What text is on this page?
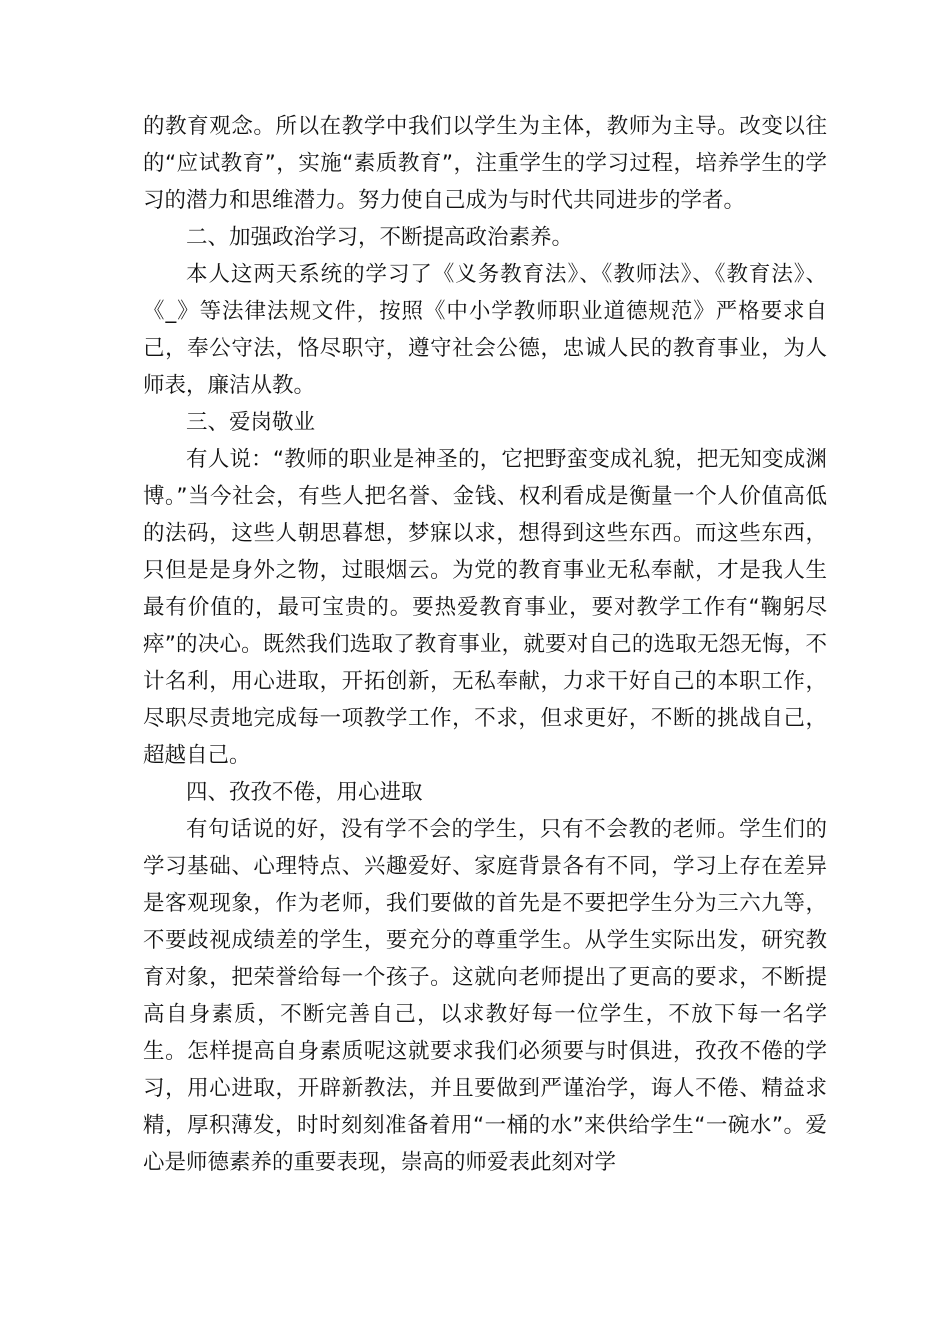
的教育观念。所以在教学中我们以学生为主体，教师为主导。改变以往的“应试教育”，实施“素质教育”，注重学生的学习过程，培养学生的学习的潜力和思维潜力。努力使自己成为与时代共同进步的学者。

二、加强政治学习，不断提高政治素养。

本人这两天系统的学习了《义务教育法》、《教师法》、《教育法》、《_》等法律法规文件，按照《中小学教师职业道德规范》严格要求自己，奉公守法，恪尽职守，遵守社会公德，忠诚人民的教育事业，为人师表，廉洁从教。

三、爱岗敬业

有人说：“教师的职业是神圣的，它把野蛮变成礼貌，把无知变成渊博。”当今社会，有些人把名誉、金钱、权利看成是衡量一个人价值高低的法码，这些人朝思暮想，梦寐以求，想得到这些东西。而这些东西，只但是是身外之物，过眼烟云。为党的教育事业无私奉献，才是我人生最有价值的，最可宝贵的。要热爱教育事业，要对教学工作有“鞠躬尽瘁”的决心。既然我们选取了教育事业，就要对自己的选取无怨无悔，不计名利，用心进取，开拓创新，无私奉献，力求干好自己的本职工作，尽职尽责地完成每一项教学工作，不求，但求更好，不断的挑战自己，超越自己。

四、孜孜不倦，用心进取

有句话说的好，没有学不会的学生，只有不会教的老师。学生们的学习基础、心理特点、兴趣爱好、家庭背景各有不同，学习上存在差异是客观现象，作为老师，我们要做的首先是不要把学生分为三六九等，不要歧视成绩差的学生，要充分的尊重学生。从学生实际出发，研究教育对象，把荣誉给每一个孩子。这就向老师提出了更高的要求，不断提高自身素质，不断完善自己，以求教好每一位学生，不放下每一名学生。怎样提高自身素质呢这就要求我们必须要与时俱进，孜孜不倦的学习，用心进取，开辟新教法，并且要做到严谨治学，诲人不倦、精益求精，厚积薄发，时时刻刻准备着用“一桶的水”来供给学生“一碗水”。爱心是师德素养的重要表现，崇高的师爱表此刻对学
